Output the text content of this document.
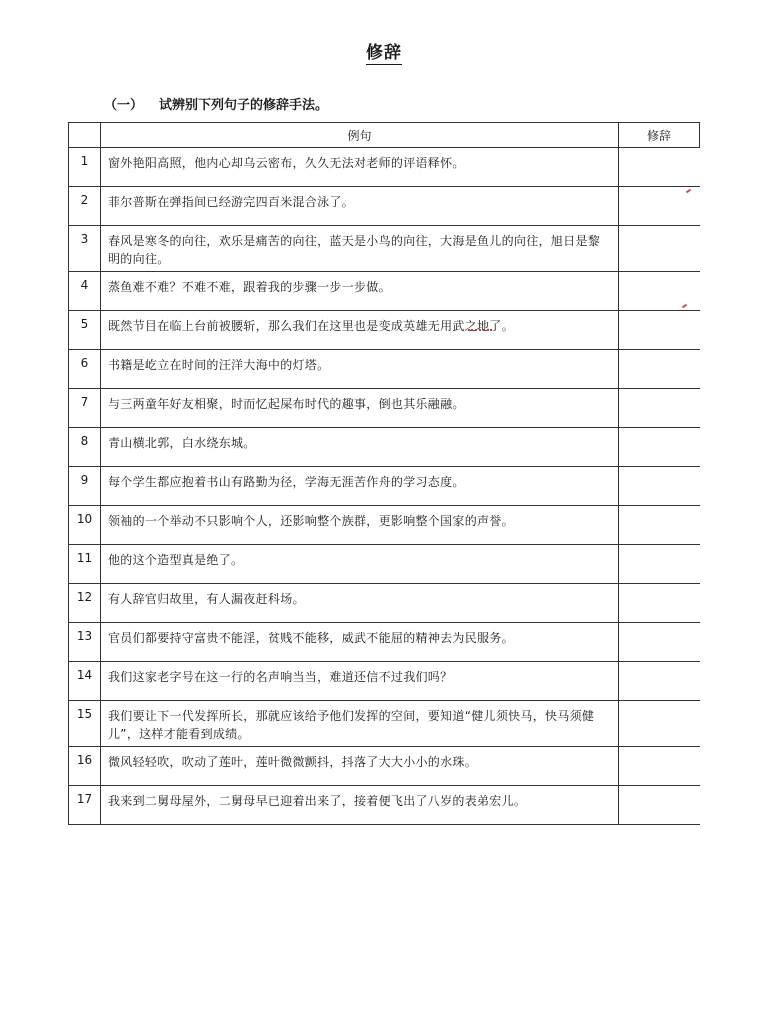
修辞
（一） 试辨别下列句子的修辞手法。
	例句	修辞
1	窗外艳阳高照，他内心却乌云密布，久久无法对老师的评语释怀。	
2	菲尔普斯在弹指间已经游完四百米混合泳了。	
3	春风是寒冬的向往，欢乐是痛苦的向往，蓝天是小鸟的向往，大海是鱼儿的向往，旭日是黎明的向往。	
4	蒸鱼难不难？不难不难，跟着我的步骤一步一步做。	
5	既然节目在临上台前被腰斩，那么我们在这里也是变成英雄无用武之地了。	
6	书籍是屹立在时间的汪洋大海中的灯塔。	
7	与三两童年好友相聚，时而忆起屎布时代的趣事，倒也其乐融融。	
8	青山横北郭，白水绕东城。	
9	每个学生都应抱着书山有路勤为径，学海无涯苦作舟的学习态度。	
10	领袖的一个举动不只影响个人，还影响整个族群，更影响整个国家的声誉。	
11	他的这个造型真是绝了。	
12	有人辞官归故里，有人漏夜赶科场。	
13	官员们都要持守富贵不能淫，贫贱不能移，威武不能屈的精神去为民服务。	
14	我们这家老字号在这一行的名声响当当，难道还信不过我们吗？	
15	我们要让下一代发挥所长，那就应该给予他们发挥的空间，要知道“健儿须快马，快马须健儿”，这样才能看到成绩。	
16	微风轻轻吹，吹动了莲叶，莲叶微微颤抖，抖落了大大小小的水珠。	
17	我来到二舅母屋外，二舅母早已迎着出来了，接着便飞出了八岁的表弟宏儿。	
